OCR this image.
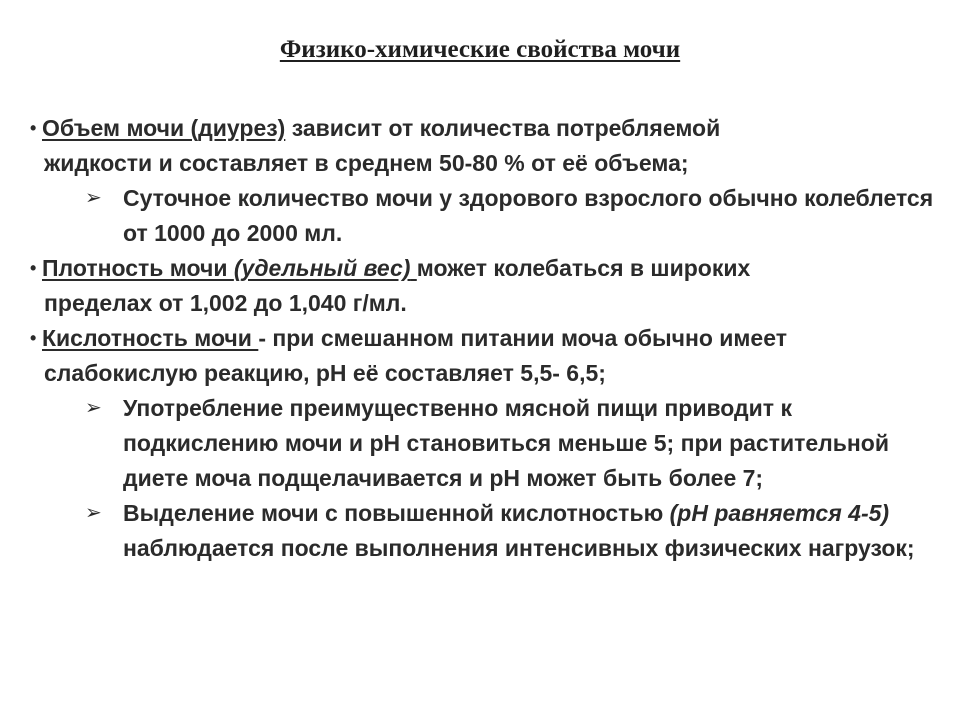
Физико-химические свойства мочи
• Объем мочи (диурез) зависит от количества потребляемой
жидкости и составляет в среднем 50-80 % от её объема;
➢ Суточное количество мочи у здорового взрослого обычно колеблется от 1000 до 2000 мл.
• Плотность мочи (удельный вес) может колебаться в широких
пределах от 1,002 до 1,040 г/мл.
• Кислотность мочи - при смешанном питании моча обычно имеет
слабокислую реакцию, pH её составляет 5,5- 6,5;
➢ Употребление преимущественно мясной пищи приводит к подкислению мочи и pH становиться меньше 5; при растительной диете моча подщелачивается и pH может быть более 7;
➢ Выделение мочи с повышенной кислотностью (pH равняется 4-5) наблюдается после выполнения интенсивных физических нагрузок;
